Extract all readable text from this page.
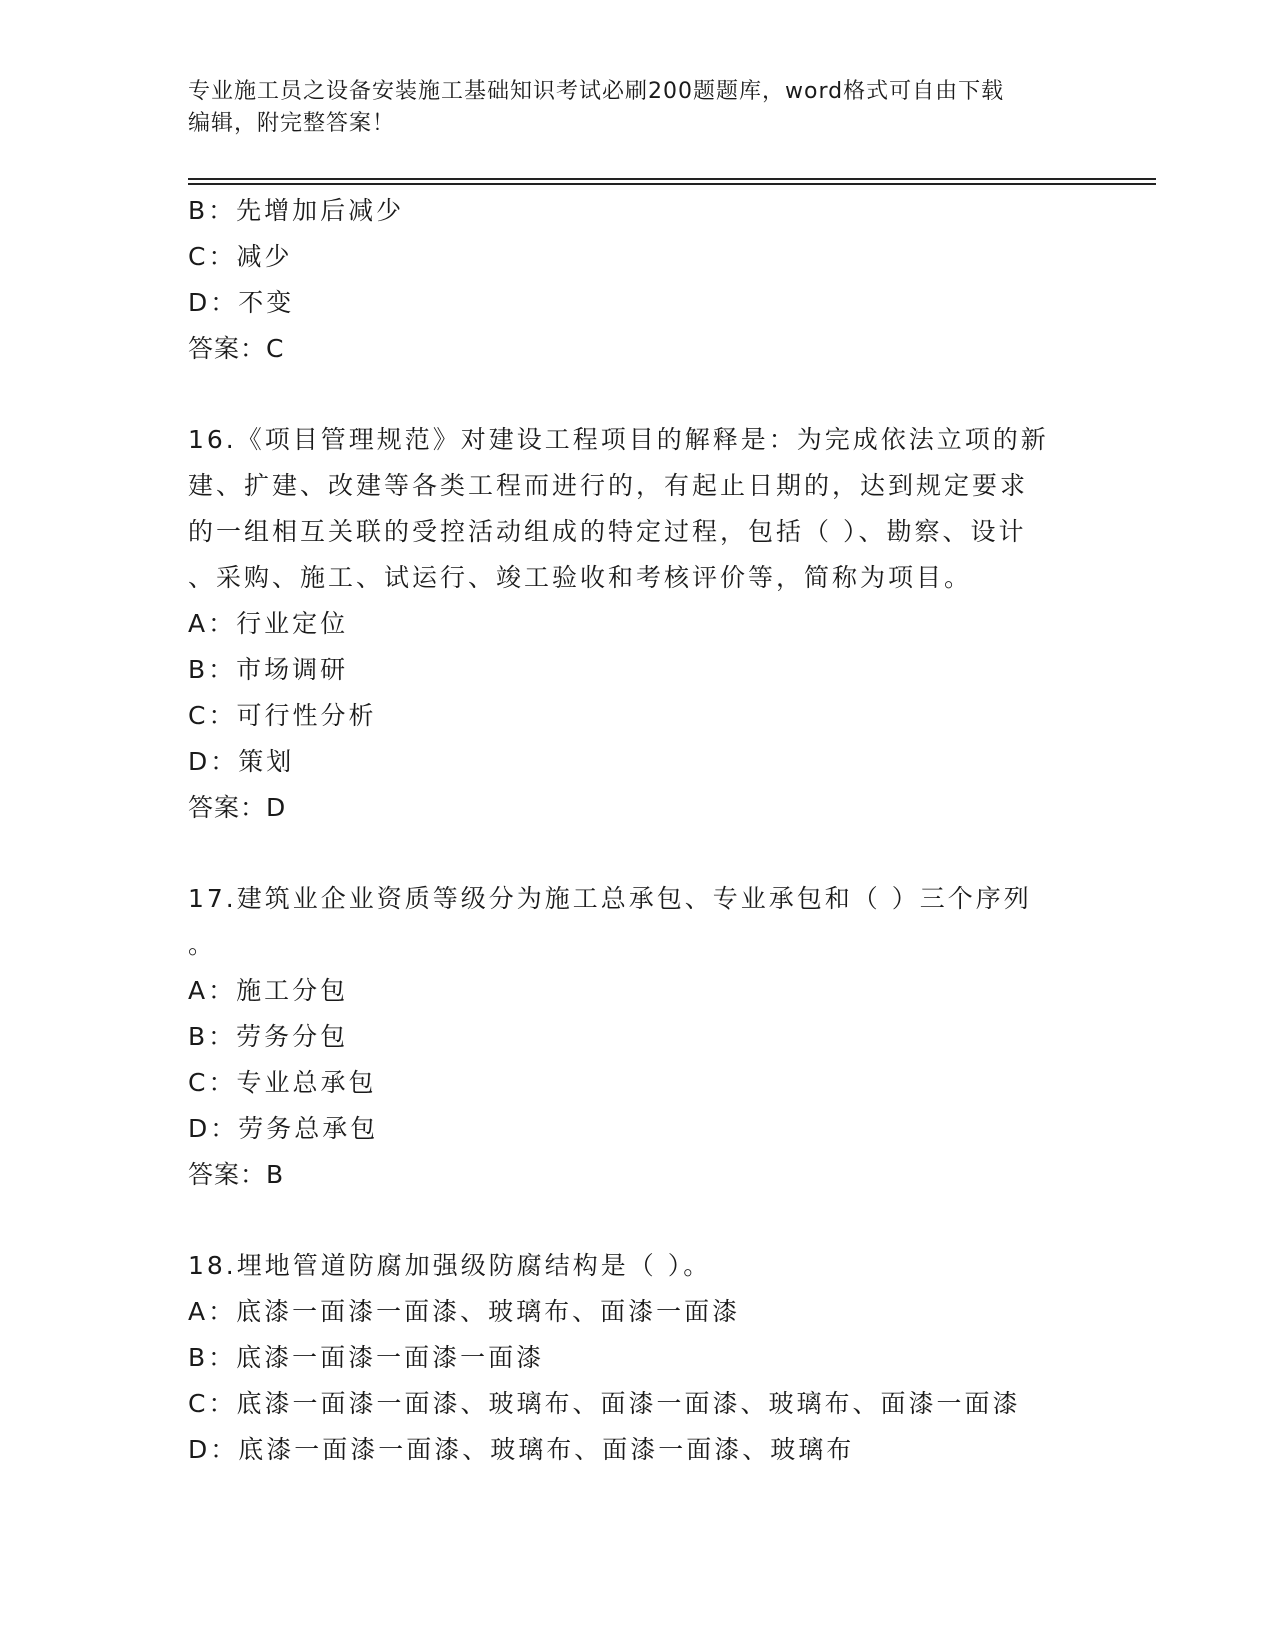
专业施工员之设备安装施工基础知识考试必刷200题题库，word格式可自由下载
编辑，附完整答案！
B：先增加后减少
C：减少
D：不变
答案：C
16.《项目管理规范》对建设工程项目的解释是：为完成依法立项的新
建、扩建、改建等各类工程而进行的，有起止日期的，达到规定要求
的一组相互关联的受控活动组成的特定过程，包括（ ）、勘察、设计
、采购、施工、试运行、竣工验收和考核评价等，简称为项目。
A：行业定位
B：市场调研
C：可行性分析
D：策划
答案：D
17.建筑业企业资质等级分为施工总承包、专业承包和（ ）三个序列
。
A：施工分包
B：劳务分包
C：专业总承包
D：劳务总承包
答案：B
18.埋地管道防腐加强级防腐结构是（ ）。
A：底漆一面漆一面漆、玻璃布、面漆一面漆
B：底漆一面漆一面漆一面漆
C：底漆一面漆一面漆、玻璃布、面漆一面漆、玻璃布、面漆一面漆
D：底漆一面漆一面漆、玻璃布、面漆一面漆、玻璃布
